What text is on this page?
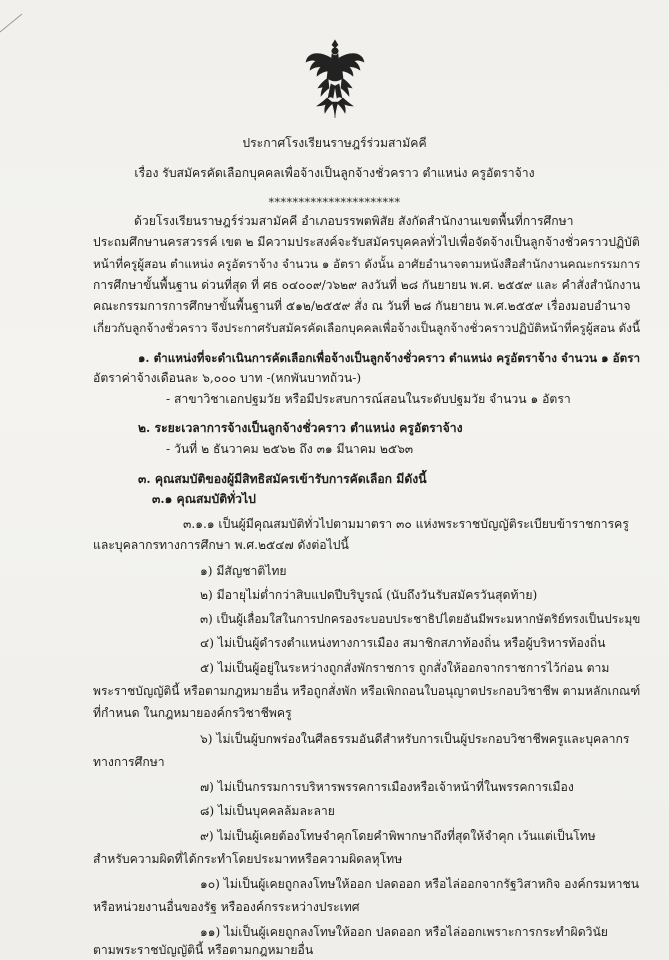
ประกาศโรงเรียนราษฎร์ร่วมสามัคคี
เรื่อง รับสมัครคัดเลือกบุคคลเพื่อจ้างเป็นลูกจ้างชั่วคราว ตำแหน่ง ครูอัตราจ้าง
**********************
ด้วยโรงเรียนราษฎร์ร่วมสามัคคี อำเภอบรรพตพิสัย สังกัดสำนักงานเขตพื้นที่การศึกษา
ประถมศึกษานครสวรรค์ เขต ๒ มีความประสงค์จะรับสมัครบุคคลทั่วไปเพื่อจัดจ้างเป็นลูกจ้างชั่วคราวปฏิบัติ
หน้าที่ครูผู้สอน ตำแหน่ง ครูอัตราจ้าง จำนวน ๑ อัตรา ดังนั้น อาศัยอำนาจตามหนังสือสำนักงานคณะกรรมการ
การศึกษาขั้นพื้นฐาน ด่วนที่สุด ที่ ศธ ๐๔๐๐๙/ว๖๒๙ ลงวันที่ ๒๘ กันยายน พ.ศ. ๒๕๕๙ และ คำสั่งสำนักงาน
คณะกรรมการการศึกษาขั้นพื้นฐานที่ ๕๑๒/๒๕๕๙ สั่ง ณ วันที่ ๒๘ กันยายน พ.ศ.๒๕๕๙ เรื่องมอบอำนาจ
เกี่ยวกับลูกจ้างชั่วคราว จึงประกาศรับสมัครคัดเลือกบุคคลเพื่อจ้างเป็นลูกจ้างชั่วคราวปฏิบัติหน้าที่ครูผู้สอน ดังนี้
๑. ตำแหน่งที่จะดำเนินการคัดเลือกเพื่อจ้างเป็นลูกจ้างชั่วคราว ตำแหน่ง ครูอัตราจ้าง จำนวน ๑ อัตรา
อัตราค่าจ้างเดือนละ ๖,๐๐๐ บาท -(หกพันบาทถ้วน-)
- สาขาวิชาเอกปฐมวัย หรือมีประสบการณ์สอนในระดับปฐมวัย จำนวน ๑ อัตรา
๒. ระยะเวลาการจ้างเป็นลูกจ้างชั่วคราว ตำแหน่ง ครูอัตราจ้าง
- วันที่ ๒ ธันวาคม ๒๕๖๒ ถึง ๓๑ มีนาคม ๒๕๖๓
๓. คุณสมบัติของผู้มีสิทธิสมัครเข้ารับการคัดเลือก มีดังนี้
๓.๑ คุณสมบัติทั่วไป
๓.๑.๑ เป็นผู้มีคุณสมบัติทั่วไปตามมาตรา ๓๐ แห่งพระราชบัญญัติระเบียบข้าราชการครู
และบุคลากรทางการศึกษา พ.ศ.๒๕๔๗ ดังต่อไปนี้
๑) มีสัญชาติไทย
๒) มีอายุไม่ต่ำกว่าสิบแปดปีบริบูรณ์ (นับถึงวันรับสมัครวันสุดท้าย)
๓) เป็นผู้เลื่อมใสในการปกครองระบอบประชาธิปไตยอันมีพระมหากษัตริย์ทรงเป็นประมุข
๔) ไม่เป็นผู้ดำรงตำแหน่งทางการเมือง สมาชิกสภาท้องถิ่น หรือผู้บริหารท้องถิ่น
๕) ไม่เป็นผู้อยู่ในระหว่างถูกสั่งพักราชการ ถูกสั่งให้ออกจากราชการไว้ก่อน ตาม
พระราชบัญญัตินี้ หรือตามกฎหมายอื่น หรือถูกสั่งพัก หรือเพิกถอนใบอนุญาตประกอบวิชาชีพ ตามหลักเกณฑ์
ที่กำหนด ในกฎหมายองค์กรวิชาชีพครู
๖) ไม่เป็นผู้บกพร่องในศีลธรรมอันดีสำหรับการเป็นผู้ประกอบวิชาชีพครูและบุคลากร
ทางการศึกษา
๗) ไม่เป็นกรรมการบริหารพรรคการเมืองหรือเจ้าหน้าที่ในพรรคการเมือง
๘) ไม่เป็นบุคคลล้มละลาย
๙) ไม่เป็นผู้เคยต้องโทษจำคุกโดยคำพิพากษาถึงที่สุดให้จำคุก เว้นแต่เป็นโทษ
สำหรับความผิดที่ได้กระทำโดยประมาทหรือความผิดลหุโทษ
๑๐) ไม่เป็นผู้เคยถูกลงโทษให้ออก ปลดออก หรือไล่ออกจากรัฐวิสาหกิจ องค์กรมหาชน
หรือหน่วยงานอื่นของรัฐ หรือองค์กรระหว่างประเทศ
๑๑) ไม่เป็นผู้เคยถูกลงโทษให้ออก ปลดออก หรือไล่ออกเพราะการกระทำผิดวินัย
ตามพระราชบัญญัตินี้ หรือตามกฎหมายอื่น
